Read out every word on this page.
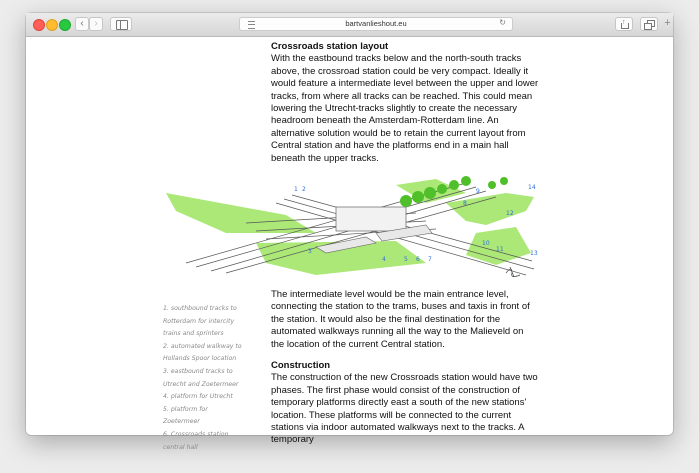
‹	›	bartvanlieshout.eu	↻	↑	+
Crossroads station layout

With the eastbound tracks below and the north-south tracks above, the crossroad station could be very compact. Ideally it would feature a intermediate level between the upper and lower tracks, from where all tracks can be reached. This could mean lowering the Utrecht-tracks slightly to create the necessary headroom beneath the Amsterdam-Rotterdam line. An alternative solution would be to retain the current layout from Central station and have the platforms end in a main hall beneath the upper tracks.

1 2
3
4	5 6 7
8
9
10
11
12
13
14
1. southbound tracks to
Rotterdam for intercity
trains and sprinters
2. automated walkway to
Hollands Spoor location
3. eastbound tracks to
Utrecht and Zoetermeer
4. platform for Utrecht
5. platform for
Zoetermeer
6. Crossroads station
central hall

The intermediate level would be the main entrance level, connecting the station to the trams, buses and taxis in front of the station. It would also be the final destination for the automated walkways running all the way to the Malieveld on the location of the current Central station.

Construction

The construction of the new Crossroads station would have two phases. The first phase would consist of the construction of temporary platforms directly east a south of the new stations' location. These platforms will be connected to the current stations via indoor automated walkways next to the tracks. A temporary
